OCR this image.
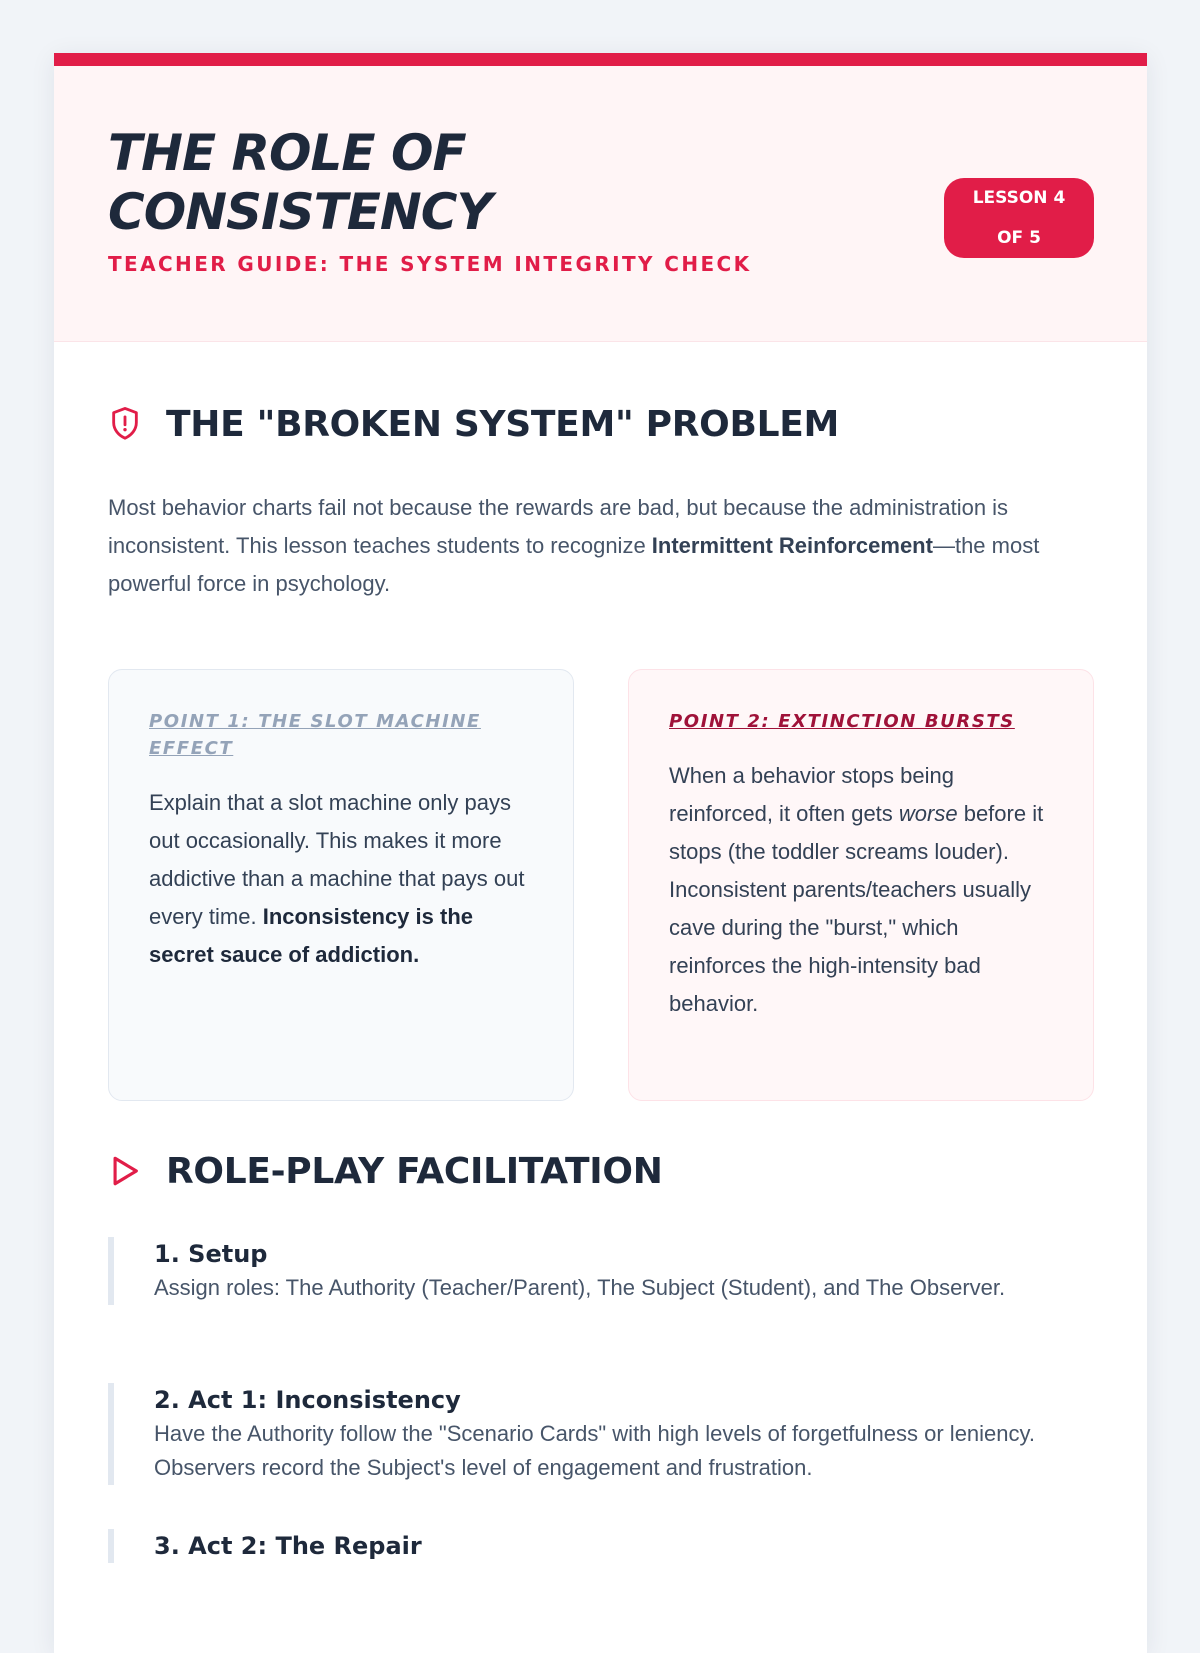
THE ROLE OF CONSISTENCY
TEACHER GUIDE: THE SYSTEM INTEGRITY CHECK
LESSON 4 OF 5
THE "BROKEN SYSTEM" PROBLEM

Most behavior charts fail not because the rewards are bad, but because the administration is inconsistent. This lesson teaches students to recognize Intermittent Reinforcement—the most powerful force in psychology.

POINT 1: THE SLOT MACHINE EFFECT

Explain that a slot machine only pays out occasionally. This makes it more addictive than a machine that pays out every time. Inconsistency is the secret sauce of addiction.

POINT 2: EXTINCTION BURSTS

When a behavior stops being reinforced, it often gets worse before it stops (the toddler screams louder). Inconsistent parents/teachers usually cave during the "burst," which reinforces the high-intensity bad behavior.

ROLE-PLAY FACILITATION
1. Setup

Assign roles: The Authority (Teacher/Parent), The Subject (Student), and The Observer.

2. Act 1: Inconsistency

Have the Authority follow the "Scenario Cards" with high levels of forgetfulness or leniency. Observers record the Subject's level of engagement and frustration.

3. Act 2: The Repair
